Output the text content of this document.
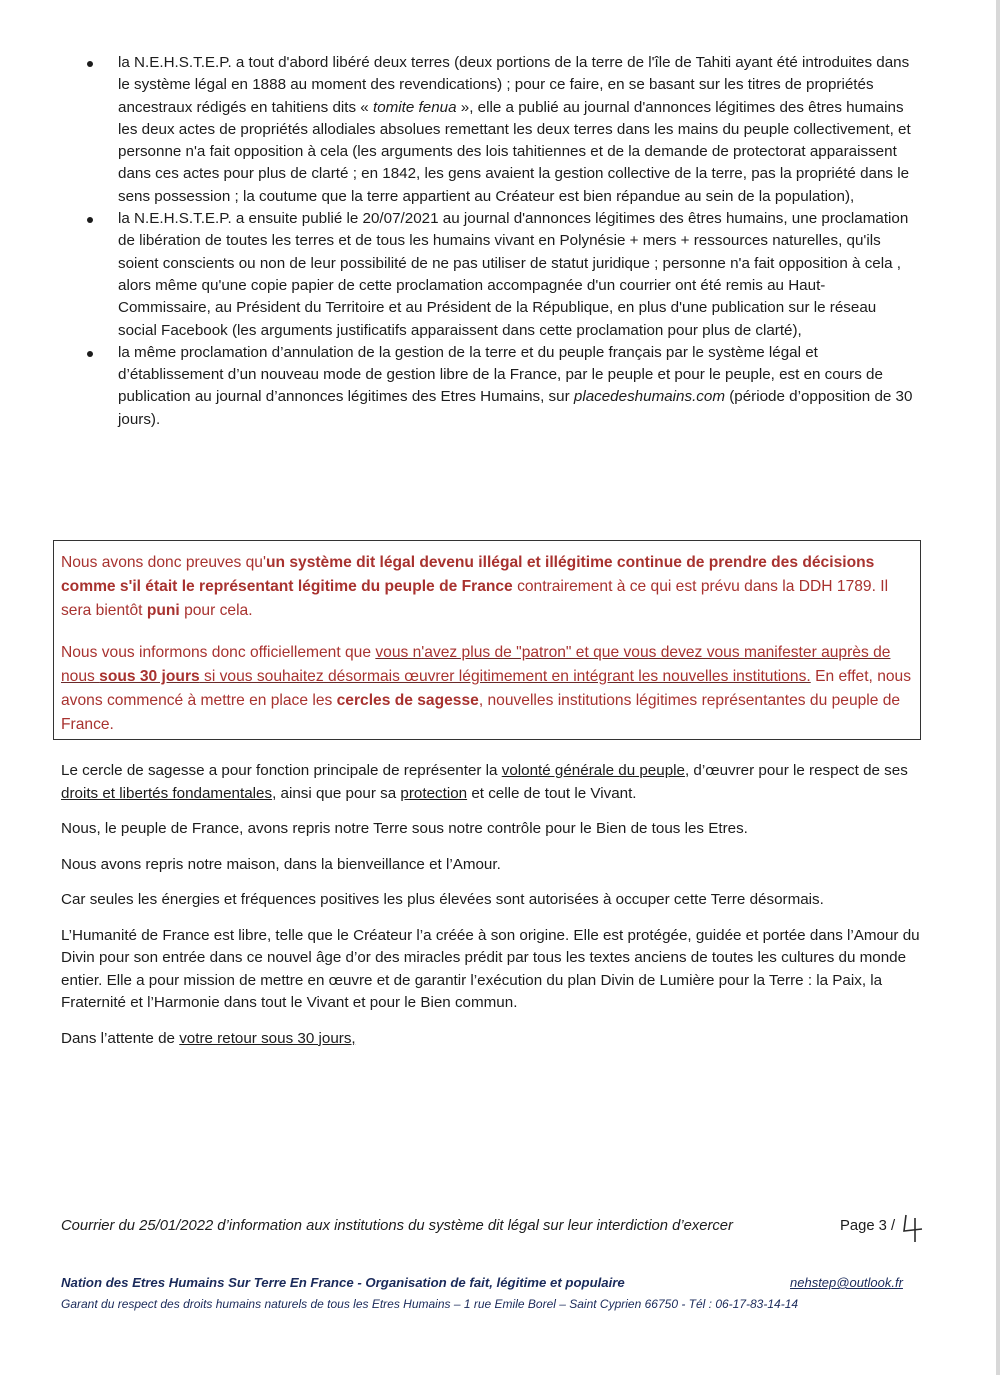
la N.E.H.S.T.E.P. a tout d'abord libéré deux terres (deux portions de la terre de l'île de Tahiti ayant été introduites dans le système légal en 1888 au moment des revendications) ; pour ce faire, en se basant sur les titres de propriétés ancestraux rédigés en tahitiens dits « tomite fenua », elle a publié au journal d'annonces légitimes des êtres humains les deux actes de propriétés allodiales absolues remettant les deux terres dans les mains du peuple collectivement, et personne n'a fait opposition à cela (les arguments des lois tahitiennes et de la demande de protectorat apparaissent dans ces actes pour plus de clarté ; en 1842, les gens avaient la gestion collective de la terre, pas la propriété dans le sens possession ; la coutume que la terre appartient au Créateur est bien répandue au sein de la population),
la N.E.H.S.T.E.P. a ensuite publié le 20/07/2021 au journal d'annonces légitimes des êtres humains, une proclamation de libération de toutes les terres et de tous les humains vivant en Polynésie + mers + ressources naturelles, qu'ils soient conscients ou non de leur possibilité de ne pas utiliser de statut juridique ; personne n'a fait opposition à cela , alors même qu'une copie papier de cette proclamation accompagnée d'un courrier ont été remis au Haut-Commissaire, au Président du Territoire et au Président de la République, en plus d'une publication sur le réseau social Facebook (les arguments justificatifs apparaissent dans cette proclamation pour plus de clarté),
la même proclamation d’annulation de la gestion de la terre et du peuple français par le système légal et d’établissement d’un nouveau mode de gestion libre de la France, par le peuple et pour le peuple, est en cours de publication au journal d’annonces légitimes des Etres Humains, sur placedeshumains.com (période d’opposition de 30 jours).

Nous avons donc preuves qu'un système dit légal devenu illégal et illégitime continue de prendre des décisions comme s'il était le représentant légitime du peuple de France contrairement à ce qui est prévu dans la DDH 1789. Il sera bientôt puni pour cela.

Nous vous informons donc officiellement que vous n'avez plus de "patron" et que vous devez vous manifester auprès de nous sous 30 jours si vous souhaitez désormais œuvrer légitimement en intégrant les nouvelles institutions. En effet, nous avons commencé à mettre en place les cercles de sagesse, nouvelles institutions légitimes représentantes du peuple de France.

Le cercle de sagesse a pour fonction principale de représenter la volonté générale du peuple, d’œuvrer pour le respect de ses droits et libertés fondamentales, ainsi que pour sa protection et celle de tout le Vivant.

Nous, le peuple de France, avons repris notre Terre sous notre contrôle pour le Bien de tous les Etres.

Nous avons repris notre maison, dans la bienveillance et l’Amour.

Car seules les énergies et fréquences positives les plus élevées sont autorisées à occuper cette Terre désormais.

L’Humanité de France est libre, telle que le Créateur l’a créée à son origine. Elle est protégée, guidée et portée dans l’Amour du Divin pour son entrée dans ce nouvel âge d’or des miracles prédit par tous les textes anciens de toutes les cultures du monde entier. Elle a pour mission de mettre en œuvre et de garantir l’exécution du plan Divin de Lumière pour la Terre : la Paix, la Fraternité et l’Harmonie dans tout le Vivant et pour le Bien commun.

Dans l’attente de votre retour sous 30 jours,

Courrier du 25/01/2022 d’information aux institutions du système dit légal sur leur interdiction d’exercer	Page 3 /
Nation des Etres Humains Sur Terre En France - Organisation de fait, légitime et populaire	nehstep@outlook.fr
Garant du respect des droits humains naturels de tous les Etres Humains – 1 rue Emile Borel – Saint Cyprien 66750 - Tél : 06-17-83-14-14
